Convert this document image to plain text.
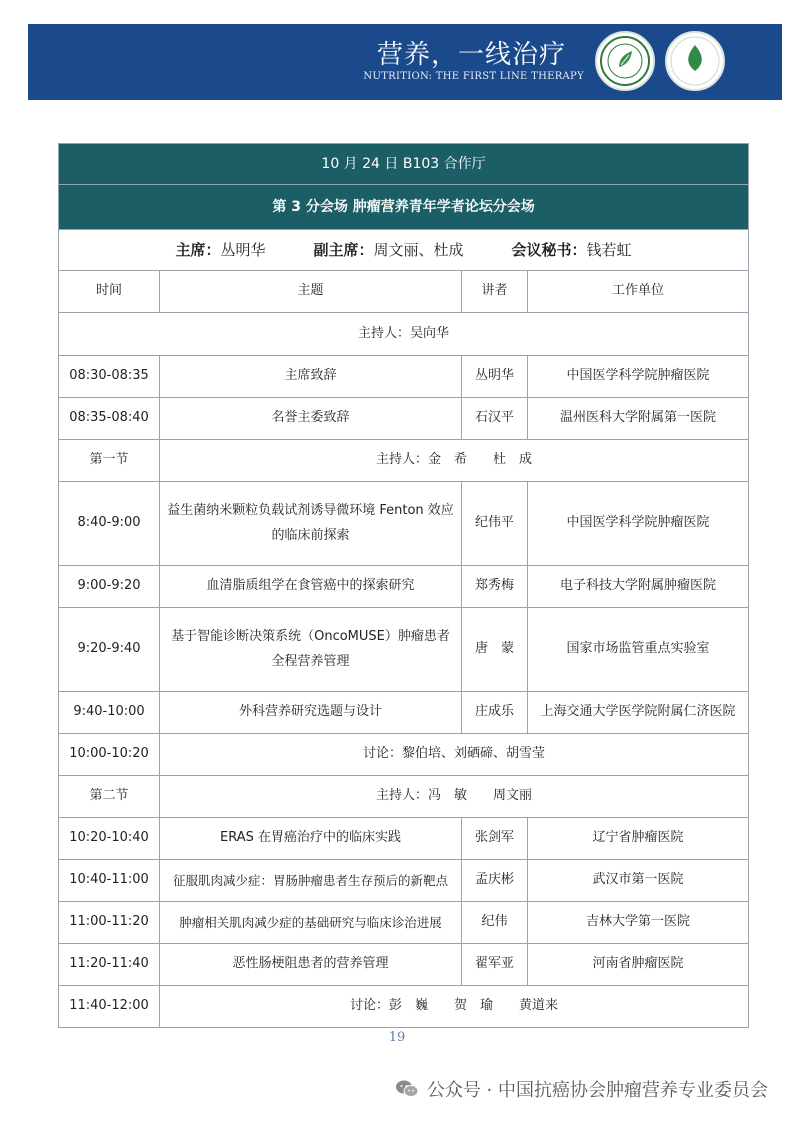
营养，一线治疗
NUTRITION: THE FIRST LINE THERAPY
10 月 24 日 B103 合作厅			
第 3 分会场 肿瘤营养青年学者论坛分会场			
主席：丛明华 副主席：周文丽、杜成 会议秘书：钱若虹			
时间	主题	讲者	工作单位
主持人：吴向华			
08:30-08:35	主席致辞	丛明华	中国医学科学院肿瘤医院
08:35-08:40	名誉主委致辞	石汉平	温州医科大学附属第一医院
第一节	主持人：金　希　　杜　成		
8:40-9:00	益生菌纳米颗粒负载试剂诱导微环境 Fenton 效应的临床前探索	纪伟平	中国医学科学院肿瘤医院
9:00-9:20	血清脂质组学在食管癌中的探索研究	郑秀梅	电子科技大学附属肿瘤医院
9:20-9:40	基于智能诊断决策系统（OncoMUSE）肿瘤患者全程营养管理	唐　蒙	国家市场监管重点实验室
9:40-10:00	外科营养研究选题与设计	庄成乐	上海交通大学医学院附属仁济医院
10:00-10:20	讨论：黎伯培、刘硒碲、胡雪莹		
第二节	主持人：冯　敏　　周文丽		
10:20-10:40	ERAS 在胃癌治疗中的临床实践	张剑军	辽宁省肿瘤医院
10:40-11:00	征服肌肉减少症：胃肠肿瘤患者生存预后的新靶点	孟庆彬	武汉市第一医院
11:00-11:20	肿瘤相关肌肉减少症的基础研究与临床诊治进展	纪伟	吉林大学第一医院
11:20-11:40	恶性肠梗阻患者的营养管理	翟军亚	河南省肿瘤医院
11:40-12:00	讨论：彭　巍　　贺　瑜　　黄道来		
19
公众号 · 中国抗癌协会肿瘤营养专业委员会
